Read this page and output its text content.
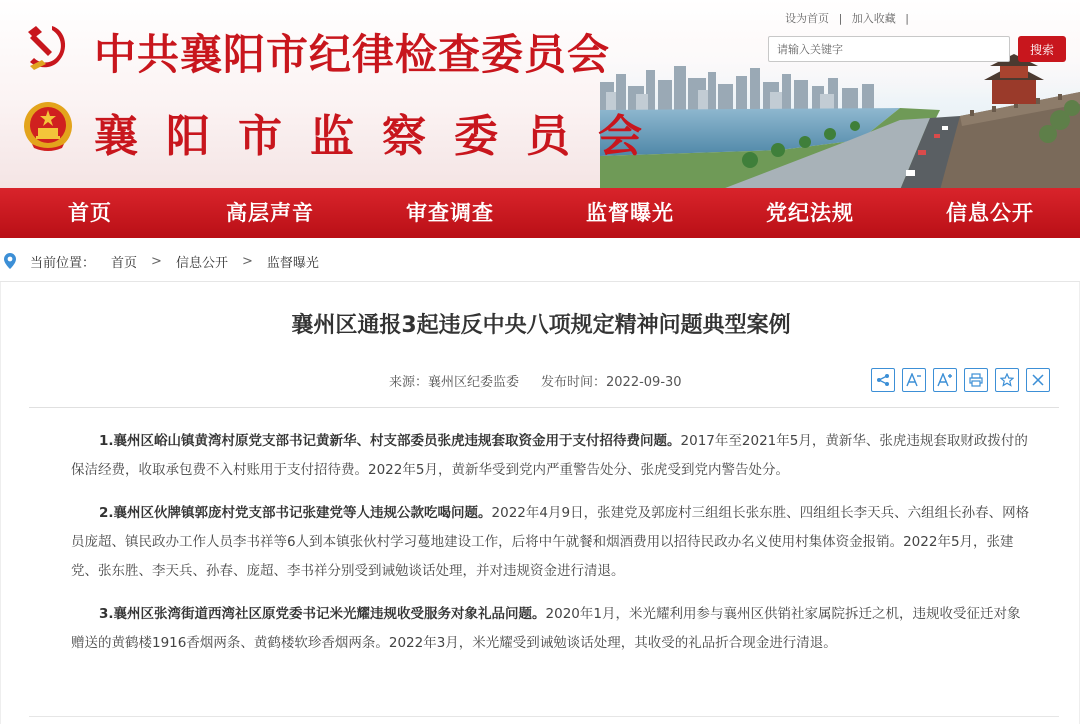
设为首页 | 加入收藏 |
请输入关键字
搜索
中共襄阳市纪律检查委员会
襄阳市监察委员会
首页	高层声音	审查调查	监督曝光	党纪法规	信息公开
当前位置： 首页 > 信息公开 > 监督曝光
襄州区通报3起违反中央八项规定精神问题典型案例
来源：襄州区纪委监委 发布时间：2022-09-30

1.襄州区峪山镇黄湾村原党支部书记黄新华、村支部委员张虎违规套取资金用于支付招待费问题。2017年至2021年5月，黄新华、张虎违规套取财政拨付的保洁经费，收取承包费不入村账用于支付招待费。2022年5月，黄新华受到党内严重警告处分、张虎受到党内警告处分。

2.襄州区伙牌镇郭庞村党支部书记张建党等人违规公款吃喝问题。2022年4月9日，张建党及郭庞村三组组长张东胜、四组组长李天兵、六组组长孙春、网格员庞超、镇民政办工作人员李书祥等6人到本镇张伙村学习蔓地建设工作，后将中午就餐和烟酒费用以招待民政办名义使用村集体资金报销。2022年5月，张建党、张东胜、李天兵、孙春、庞超、李书祥分别受到诫勉谈话处理，并对违规资金进行清退。

3.襄州区张湾街道西湾社区原党委书记米光耀违规收受服务对象礼品问题。2020年1月，米光耀利用参与襄州区供销社家属院拆迁之机，违规收受征迁对象赠送的黄鹤楼1916香烟两条、黄鹤楼软珍香烟两条。2022年3月，米光耀受到诫勉谈话处理，其收受的礼品折合现金进行清退。
